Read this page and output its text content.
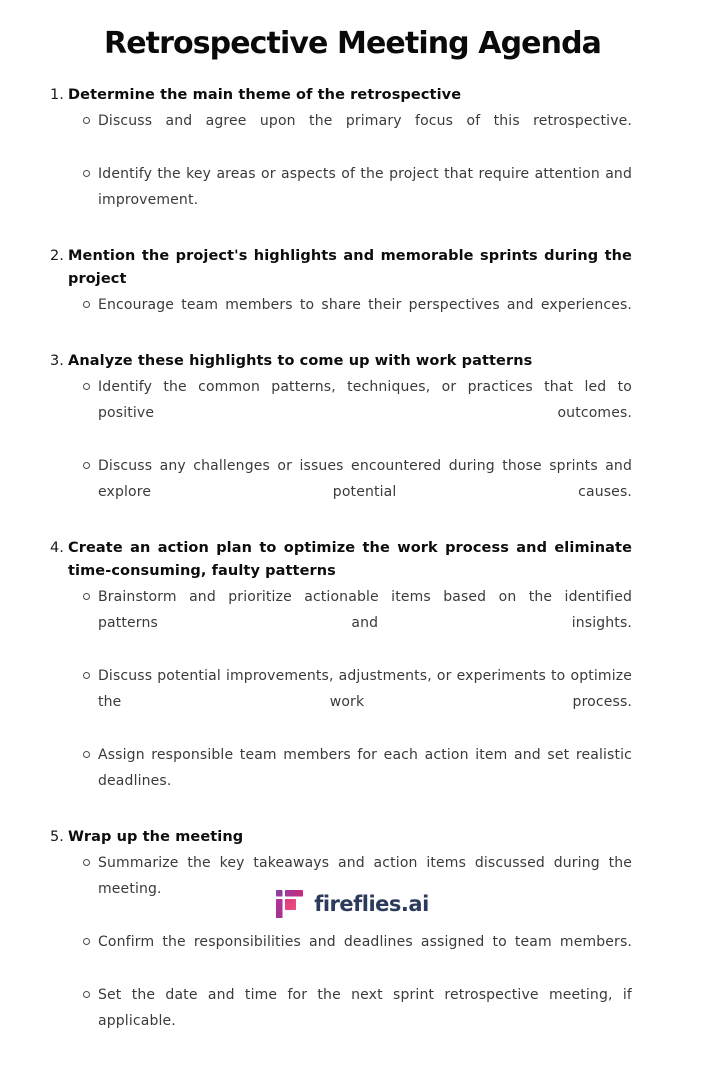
Retrospective Meeting Agenda
1. Determine the main theme of the retrospective

Discuss and agree upon the primary focus of this retrospective.
Identify the key areas or aspects of the project that require attention and improvement.
2. Mention the project's highlights and memorable sprints during the project

Encourage team members to share their perspectives and experiences.
3. Analyze these highlights to come up with work patterns

Identify the common patterns, techniques, or practices that led to positive outcomes.
Discuss any challenges or issues encountered during those sprints and explore potential causes.
4. Create an action plan to optimize the work process and eliminate time-consuming, faulty patterns

Brainstorm and prioritize actionable items based on the identified patterns and insights.
Discuss potential improvements, adjustments, or experiments to optimize the work process.
Assign responsible team members for each action item and set realistic deadlines.
5. Wrap up the meeting

Summarize the key takeaways and action items discussed during the meeting.
Confirm the responsibilities and deadlines assigned to team members.
Set the date and time for the next sprint retrospective meeting, if applicable.
fireflies.ai
